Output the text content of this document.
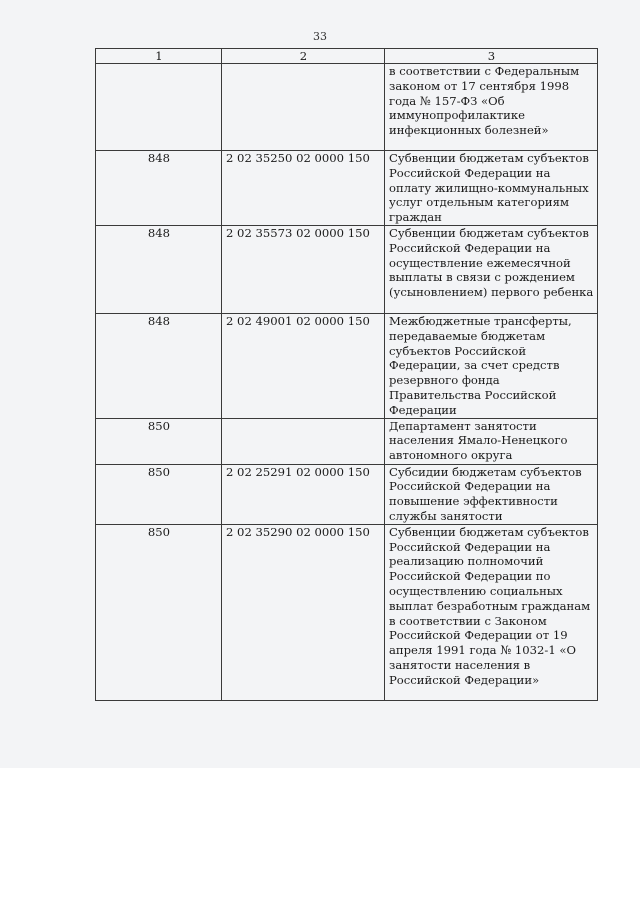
33
1	2	3

		в соответствии с Федеральным законом от 17 сентября 1998 года № 157-ФЗ «Об иммунопрофилактике инфекционных болезней»

848	2 02 35250 02 0000 150	Субвенции бюджетам субъектов Российской Федерации на оплату жилищно-коммунальных услуг отдельным категориям граждан

848	2 02 35573 02 0000 150	Субвенции бюджетам субъектов Российской Федерации на осуществление ежемесячной выплаты в связи с рождением (усыновлением) первого ребенка

848	2 02 49001 02 0000 150	Межбюджетные трансферты, передаваемые бюджетам субъектов Российской Федерации, за счет средств резервного фонда Правительства Российской Федерации

850		Департамент занятости населения Ямало-Ненецкого автономного округа

850	2 02 25291 02 0000 150	Субсидии бюджетам субъектов Российской Федерации на повышение эффективности службы занятости

850	2 02 35290 02 0000 150	Субвенции бюджетам субъектов Российской Федерации на реализацию полномочий Российской Федерации по осуществлению социальных выплат безработным гражданам в соответствии с Законом Российской Федерации от 19 апреля 1991 года № 1032-1 «О занятости населения в Российской Федерации»
